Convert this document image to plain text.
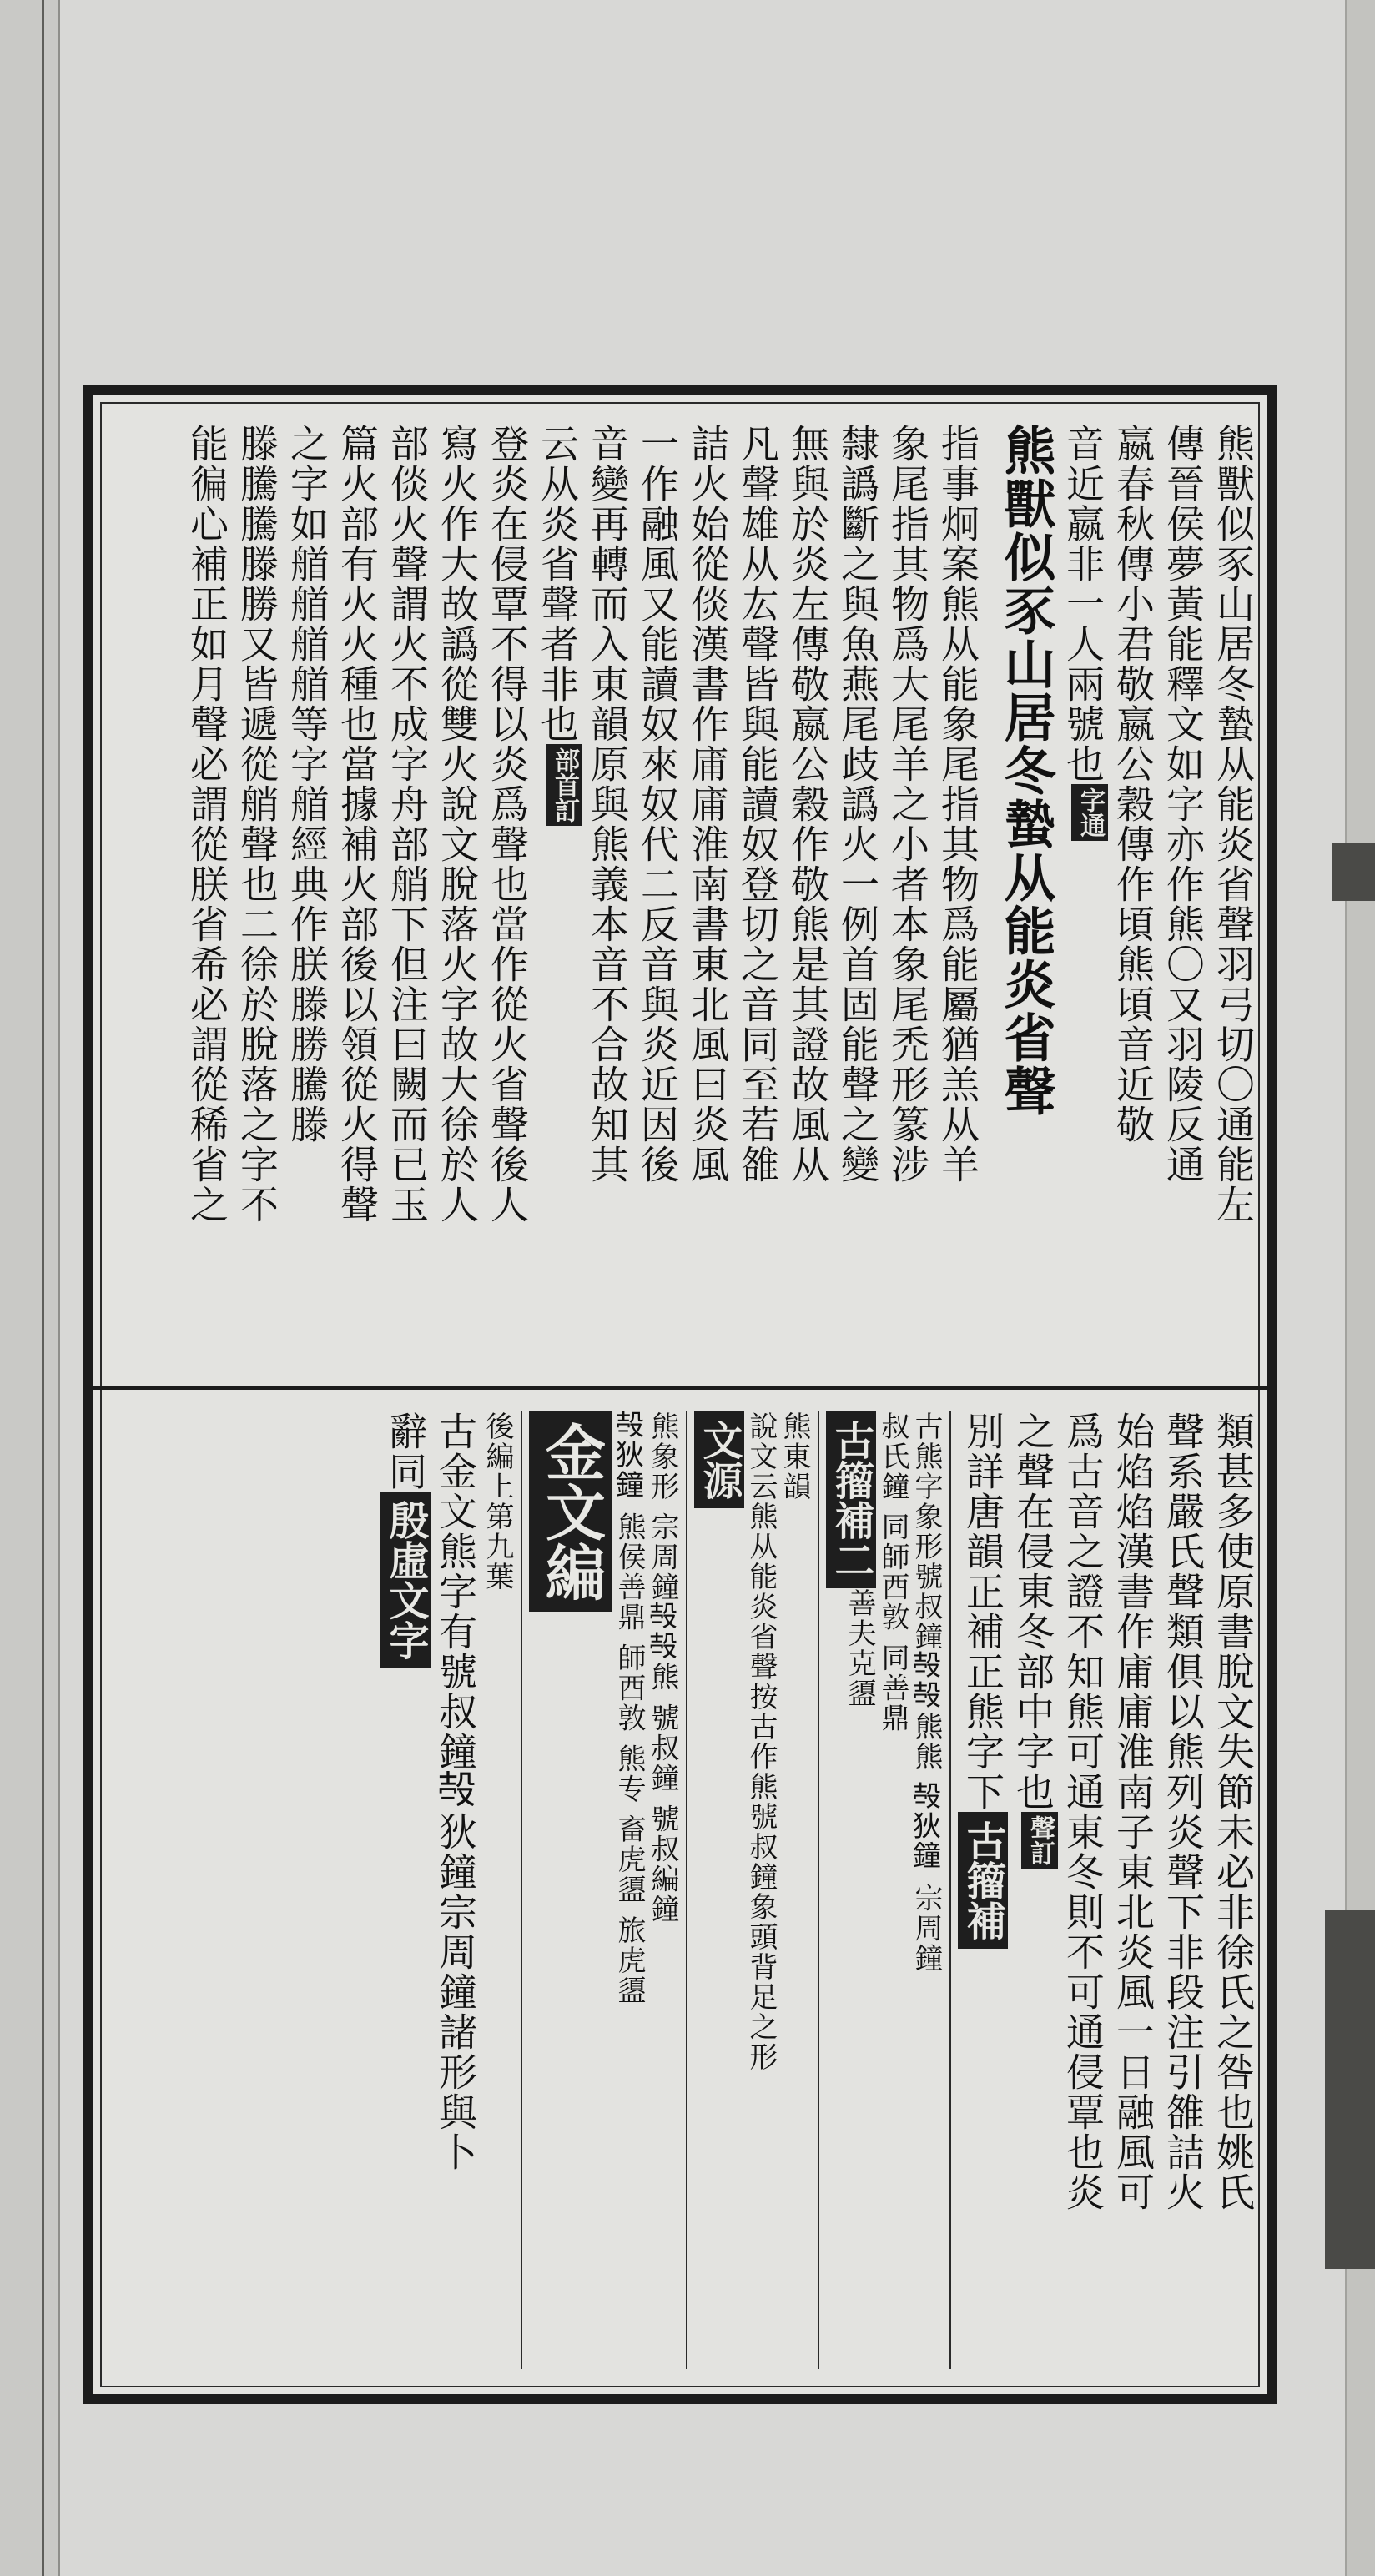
熊獸似豕山居冬蟄从能炎省聲羽弓切〇通能左
傳晉侯夢黃能釋文如字亦作熊〇又羽陵反通
嬴春秋傳小君敬嬴公穀傳作頃熊頃音近敬
音近嬴非一人兩號也
字通
熊獸似豕山居冬蟄从能炎省聲
指事炯案熊从能象尾指其物爲能屬猶羔从羊
象尾指其物爲大尾羊之小者本象尾禿形篆涉
隸譌斷之與魚燕尾歧譌火一例首固能聲之變
無與於炎左傳敬嬴公穀作敬熊是其證故風从
凡聲雄从厷聲皆與能讀奴登切之音同至若雒
詰火始從倓漢書作庯庯淮南書東北風曰炎風
一作融風又能讀奴來奴代二反音與炎近因後
音變再轉而入東韻原與熊義本音不合故知其
云从炎省聲者非也
部首訂
登炎在侵覃不得以炎爲聲也當作從火省聲後人
寫火作大故譌從雙火說文脫落火字故大徐於人
部倓火聲謂火不成字舟部艄下但注曰闕而已玉
篇火部有火火種也當據補火部後以領從火得聲
之字如艏艏艏艏等字艏經典作朕滕勝騰滕
滕騰騰滕勝又皆遞從艄聲也二徐於脫落之字不
能徧心補正如月聲必謂從朕省希必謂從稀省之
類甚多使原書脫文失節未必非徐氏之咎也姚氏
聲系嚴氏聲類俱以熊列炎聲下非段注引雒詰火
始焰焰漢書作庯庯淮南子東北炎風一日融風可
爲古音之證不知熊可通東冬則不可通侵覃也炎
之聲在侵東冬部中字也
聲訂
別詳唐韻正補正熊字下
古籀補
古熊字象形號叔鐘𣪊𣪊熊熊 𣪊狄鐘 宗周鐘
叔氏鐘 同師酉敦 同善鼎
古籀補二
善夫克盨
熊東韻
說文云熊从能炎省聲按古作熊號叔鐘象頭背足之形
文源
熊象形 宗周鐘𣪊𣪊熊 號叔鐘 號叔編鐘
𣪊狄鐘 熊侯善鼎 師酉敦 熊专 畜虎盨 旅虎盨
金文編
後編上第九葉
古金文熊字有號叔鐘𣪊狄鐘宗周鐘諸形與卜
辭同
殷虛文字
